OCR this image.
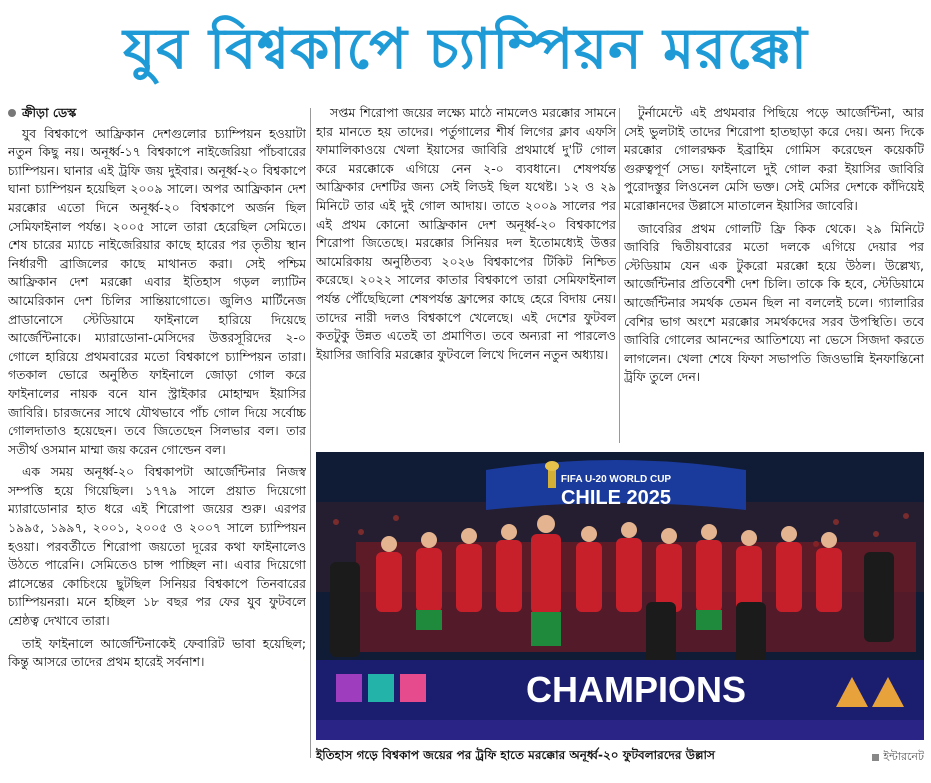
যুব বিশ্বকাপে চ্যাম্পিয়ন মরক্কো
ক্রীড়া ডেস্ক

যুব বিশ্বকাপে আফ্রিকান দেশগুলোর চ্যাম্পিয়ন হওয়াটা নতুন কিছু নয়। অনূর্ধ্ব-১৭ বিশ্বকাপে নাইজেরিয়া পাঁচবারের চ্যাম্পিয়ন। ঘানার এই ট্রফি জয় দুইবার। অনূর্ধ্ব-২০ বিশ্বকাপে ঘানা চ্যাম্পিয়ন হয়েছিল ২০০৯ সালে। অপর আফ্রিকান দেশ মরক্কোর এতো দিনে অনূর্ধ্ব-২০ বিশ্বকাপে অর্জন ছিল সেমিফাইনাল পর্যন্ত। ২০০৫ সালে তারা হেরেছিল সেমিতে। শেষ চারের ম্যাচে নাইজেরিয়ার কাছে হারের পর তৃতীয় স্থান নির্ধারণী ব্রাজিলের কাছে মাথানত করা। সেই পশ্চিম আফ্রিকান দেশ মরক্কো এবার ইতিহাস গড়ল ল্যাটিন আমেরিকান দেশ চিলির সান্তিয়াগোতে। জুলিও মার্টিনেজ প্রাডানোসে স্টেডিয়ামে ফাইনালে হারিয়ে দিয়েছে আর্জেন্টিনাকে। ম্যারাডোনা-মেসিদের উত্তরসূরিদের ২-০ গোলে হারিয়ে প্রথমবারের মতো বিশ্বকাপে চ্যাম্পিয়ন তারা। গতকাল ভোরে অনুষ্ঠিত ফাইনালে জোড়া গোল করে ফাইনালের নায়ক বনে যান স্ট্রাইকার মোহাম্মদ ইয়াসির জাবিরি। চারজনের সাথে যৌথভাবে পাঁচ গোল দিয়ে সর্বোচ্চ গোলদাতাও হয়েছেন। তবে জিতেছেন সিলভার বল। তার সতীর্থ ওসমান মাম্মা জয় করেন গোল্ডেন বল।

এক সময় অনূর্ধ্ব-২০ বিশ্বকাপটা আর্জেন্টিনার নিজস্ব সম্পত্তি হয়ে গিয়েছিল। ১৭৭৯ সালে প্রয়াত দিয়েগো ম্যারাডোনার হাত ধরে এই শিরোপা জয়ের শুরু। এরপর ১৯৯৫, ১৯৯৭, ২০০১, ২০০৫ ও ২০০৭ সালে চ্যাম্পিয়ন হওয়া। পরবর্তীতে শিরোপা জয়তো দূরের কথা ফাইনালেও উঠতে পারেনি। সেমিতেও চান্স পাচ্ছিল না। এবার দিয়েগো প্লাসেন্তের কোচিংয়ে ছুটছিল সিনিয়র বিশ্বকাপে তিনবারের চ্যাম্পিয়নরা। মনে হচ্ছিল ১৮ বছর পর ফের যুব ফুটবলে শ্রেষ্ঠত্ব দেখাবে তারা।

তাই ফাইনালে আর্জেন্টিনাকেই ফেবারিট ভাবা হয়েছিল; কিন্তু আসরে তাদের প্রথম হারেই সর্বনাশ।

সপ্তম শিরোপা জয়ের লক্ষ্যে মাঠে নামলেও মরক্কোর সামনে হার মানতে হয় তাদের। পর্তুগালের শীর্ষ লিগের ক্লাব এফসি ফামালিকাওয়ে খেলা ইয়াসের জাবিরি প্রথমার্ধে দু'টি গোল করে মরক্কোকে এগিয়ে নেন ২-০ ব্যবধানে। শেষপর্যন্ত আফ্রিকার দেশটির জন্য সেই লিডই ছিল যথেষ্ট। ১২ ও ২৯ মিনিটে তার এই দুই গোল আদায়। তাতে ২০০৯ সালের পর এই প্রথম কোনো আফ্রিকান দেশ অনূর্ধ্ব-২০ বিশ্বকাপের শিরোপা জিতেছে। মরক্কোর সিনিয়র দল ইতোমধ্যেই উত্তর আমেরিকায় অনুষ্ঠিতব্য ২০২৬ বিশ্বকাপের টিকিট নিশ্চিত করেছে। ২০২২ সালের কাতার বিশ্বকাপে তারা সেমিফাইনাল পর্যন্ত পৌঁছেছিলো শেষপর্যন্ত ফ্রান্সের কাছে হেরে বিদায় নেয়। তাদের নারী দলও বিশ্বকাপে খেলেছে। এই দেশের ফুটবল কতটুকু উন্নত এতেই তা প্রমাণিত। তবে অন্যরা না পারলেও ইয়াসির জাবিরি মরক্কোর ফুটবলে লিখে দিলেন নতুন অধ্যায়।

টুর্নামেন্টে এই প্রথমবার পিছিয়ে পড়ে আর্জেন্টিনা, আর সেই ভুলটাই তাদের শিরোপা হাতছাড়া করে দেয়। অন্য দিকে মরক্কোর গোলরক্ষক ইব্রাহিম গোমিস করেছেন কয়েকটি গুরুত্বপূর্ণ সেভ। ফাইনালে দুই গোল করা ইয়াসির জাবিরি পুরোদস্তুর লিওনেল মেসি ভক্ত। সেই মেসির দেশকে কাঁদিয়েই মরোক্কানদের উল্লাসে মাতালেন ইয়াসির জাবেরি।

জাবেরির প্রথম গোলটি ফ্রি কিক থেকে। ২৯ মিনিটে জাবিরি দ্বিতীয়বারের মতো দলকে এগিয়ে দেয়ার পর স্টেডিয়াম যেন এক টুকরো মরক্কো হয়ে উঠল। উল্লেখ্য, আর্জেন্টিনার প্রতিবেশী দেশ চিলি। তাকে কি হবে, স্টেডিয়ামে আর্জেন্টিনার সমর্থক তেমন ছিল না বললেই চলে। গ্যালারির বেশির ভাগ অংশে মরক্কোর সমর্থকদের সরব উপস্থিতি। তবে জাবিরি গোলের আনন্দের আতিশয্যে না ভেসে সিজদা করতে লাগলেন। খেলা শেষে ফিফা সভাপতি জিওভান্নি ইনফান্তিনো ট্রফি তুলে দেন।

FIFA U-20 WORLD CUP
CHILE 2025
CHAMPIONS
ইতিহাস গড়ে বিশ্বকাপ জয়ের পর ট্রফি হাতে মরক্কোর অনূর্ধ্ব-২০ ফুটবলারদের উল্লাস	ইন্টারনেট
